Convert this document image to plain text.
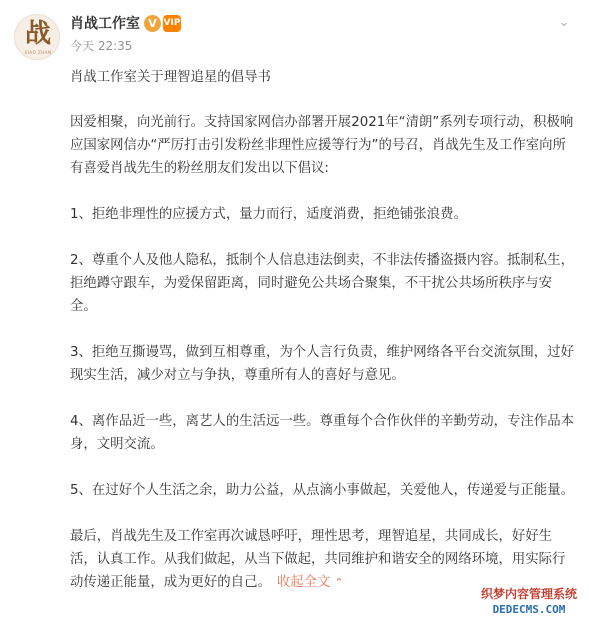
战
XIAO ZHAN
肖战工作室 V VIP
今天 22:35
⌄

肖战工作室关于理智追星的倡导书

因爱相聚，向光前行。支持国家网信办部署开展2021年“清朗”系列专项行动，积极响应国家网信办“严厉打击引发粉丝非理性应援等行为”的号召，肖战先生及工作室向所有喜爱肖战先生的粉丝朋友们发出以下倡议:

1、拒绝非理性的应援方式，量力而行，适度消费，拒绝铺张浪费。

2、尊重个人及他人隐私，抵制个人信息违法倒卖，不非法传播盗摄内容。抵制私生，拒绝蹲守跟车，为爱保留距离，同时避免公共场合聚集，不干扰公共场所秩序与安全。

3、拒绝互撕谩骂，做到互相尊重，为个人言行负责，维护网络各平台交流氛围，过好现实生活，减少对立与争执，尊重所有人的喜好与意见。

4、离作品近一些，离艺人的生活远一些。尊重每个合作伙伴的辛勤劳动，专注作品本身，文明交流。

5、在过好个人生活之余，助力公益，从点滴小事做起，关爱他人，传递爱与正能量。

最后，肖战先生及工作室再次诚恳呼吁，理性思考，理智追星，共同成长，好好生活，认真工作。从我们做起，从当下做起，共同维护和谐安全的网络环境，用实际行动传递正能量，成为更好的自己。 收起全文 ⌃

织梦内容管理系统
DEDECMS.COM
